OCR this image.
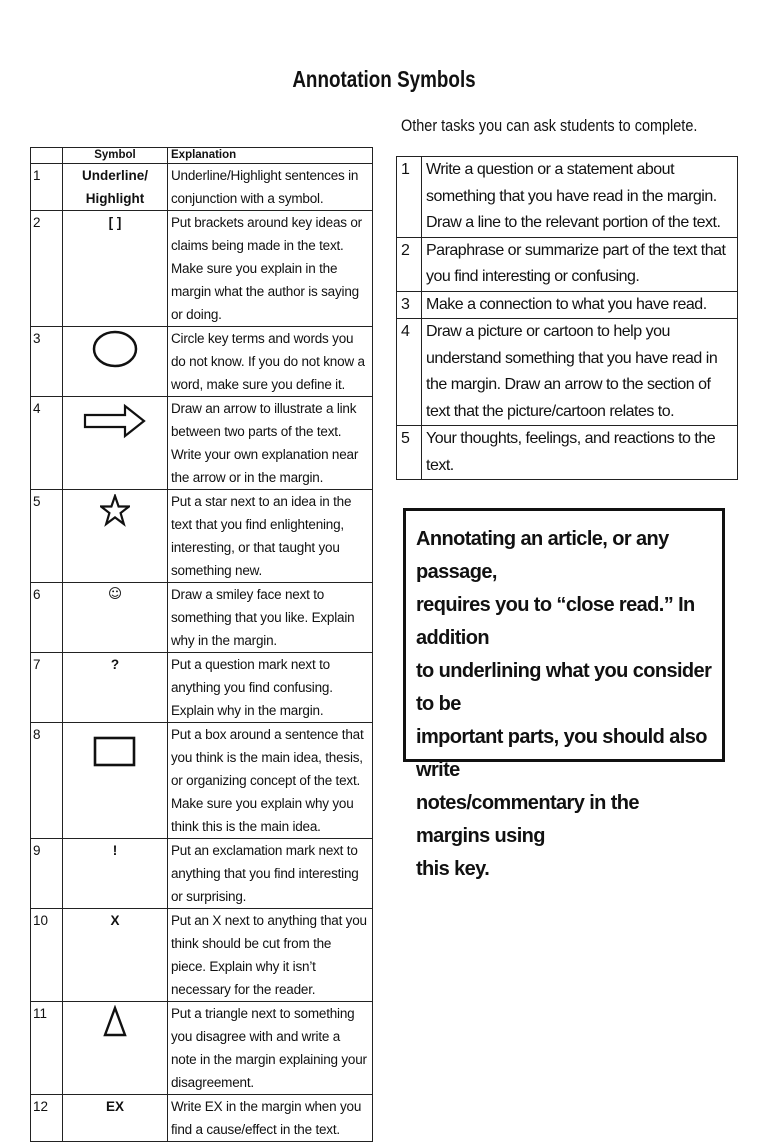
Annotation Symbols
Other tasks you can ask students to complete.
	Symbol	Explanation
1	Underline/ Highlight	Underline/Highlight sentences in conjunction with a symbol.
2	[ ]	Put brackets around key ideas or claims being made in the text. Make sure you explain in the margin what the author is saying or doing.
3		Circle key terms and words you do not know. If you do not know a word, make sure you define it.
4		Draw an arrow to illustrate a link between two parts of the text. Write your own explanation near the arrow or in the margin.
5		Put a star next to an idea in the text that you find enlightening, interesting, or that taught you something new.
6	☺	Draw a smiley face next to something that you like. Explain why in the margin.
7	?	Put a question mark next to anything you find confusing. Explain why in the margin.
8		Put a box around a sentence that you think is the main idea, thesis, or organizing concept of the text. Make sure you explain why you think this is the main idea.
9	!	Put an exclamation mark next to anything that you find interesting or surprising.
10	X	Put an X next to anything that you think should be cut from the piece. Explain why it isn’t necessary for the reader.
11		Put a triangle next to something you disagree with and write a note in the margin explaining your disagreement.
12	EX	Write EX in the margin when you find a cause/effect in the text.
1	Write a question or a statement about something that you have read in the margin. Draw a line to the relevant portion of the text.
2	Paraphrase or summarize part of the text that you find interesting or confusing.
3	Make a connection to what you have read.
4	Draw a picture or cartoon to help you understand something that you have read in the margin. Draw an arrow to the section of text that the picture/cartoon relates to.
5	Your thoughts, feelings, and reactions to the text.
Annotating an article, or any passage,
requires you to “close read.” In addition
to underlining what you consider to be
important parts, you should also write
notes/commentary in the margins using
this key.
